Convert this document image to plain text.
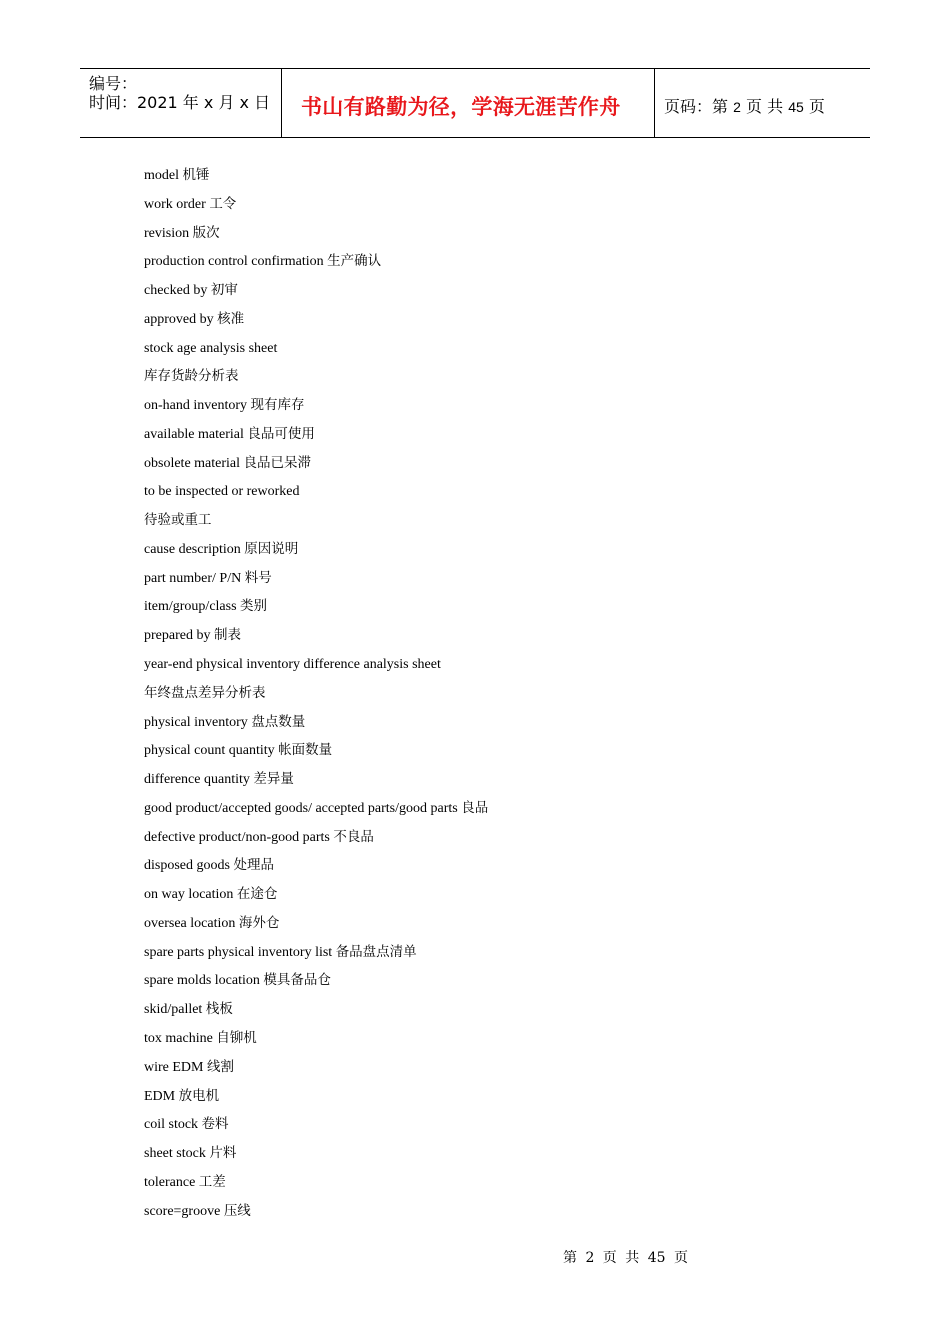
编号：
时间：2021 年 x 月 x 日 书山有路勤为径，学海无涯苦作舟	页码：第 2 页 共 45 页
model 机锤
work order 工令
revision 版次
production control confirmation 生产确认
checked by 初审
approved by 核准
stock age analysis sheet
库存货龄分析表
on-hand inventory 现有库存
available material 良品可使用
obsolete material 良品已呆滞
to be inspected or reworked
待验或重工
cause description 原因说明
part number/ P/N 料号
item/group/class 类别
prepared by 制表
year-end physical inventory difference analysis sheet
年终盘点差异分析表
physical inventory 盘点数量
physical count quantity 帐面数量
difference quantity 差异量
good product/accepted goods/ accepted parts/good parts 良品
defective product/non-good parts 不良品
disposed goods 处理品
on way location 在途仓
oversea location 海外仓
spare parts physical inventory list 备品盘点清单
spare molds location 模具备品仓
skid/pallet 栈板
tox machine 自铆机
wire EDM 线割
EDM 放电机
coil stock 卷料
sheet stock 片料
tolerance 工差
score=groove 压线
第 2 页 共 45 页
